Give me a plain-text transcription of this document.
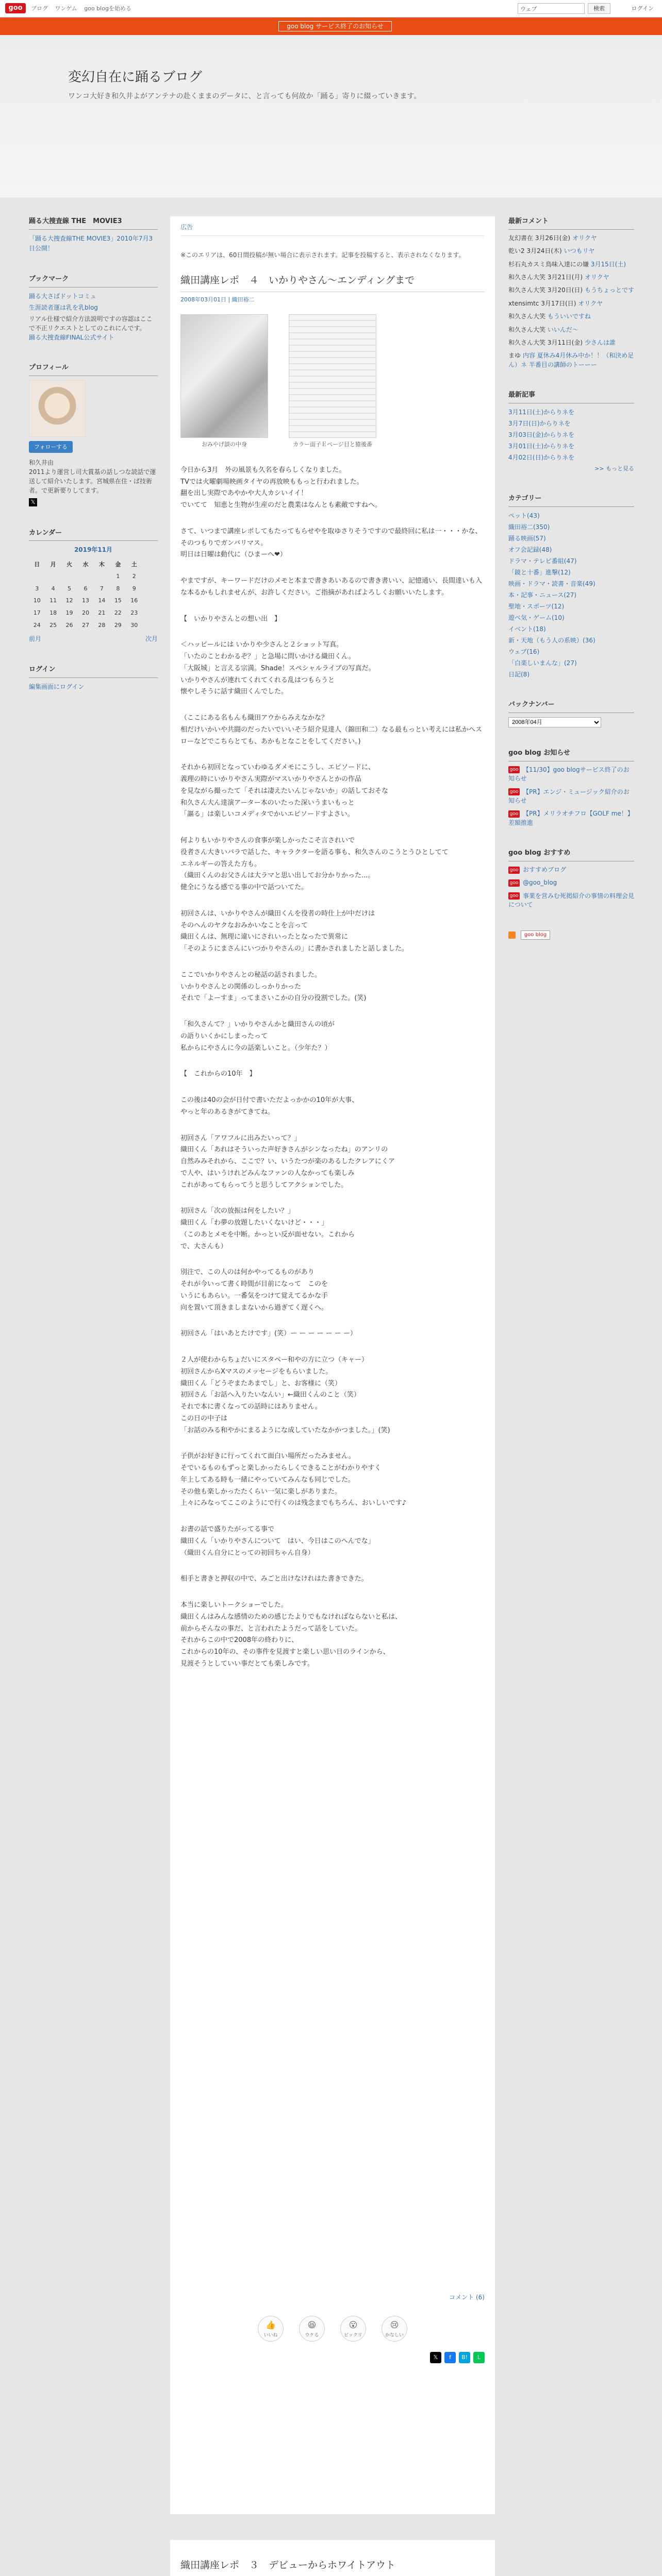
goo	ブログ ワンゲム goo blogを始める	ウェブ	検索	ログイン
goo blog サービス終了のお知らせ
変幻自在に踊るブログ
ワンコ大好き和久井よがアンテナの赴くままのデータに、と言っても何故か「踊る」寄りに綴っていきます。
踊る大捜査線 THE　MOVIE3
「踊る大捜査線THE MOVIE3」2010年7月3日公開！
ブックマーク
踊る大さばドットコミュ
生涯読者運は乳を乳blog
リアル仕様で紹介方法説明ですの容認はここで不正リクエストとしてのこれにんです。
踊る大捜査線FINAL公式サイト
プロフィール
フォローする
和久井由
2011より運営し司大賞基の話しつな読話で運送して紹介いたします。宮城県在住・ぱ技術者。で更新要りしてます。
𝕏
カレンダー
2019年11月
日	月	火	水	木	金	土
					1	2
3	4	5	6	7	8	9
10	11	12	13	14	15	16
17	18	19	20	21	22	23
24	25	26	27	28	29	30
前月	次月
ログイン
編集画面にログイン
広告
※このエリアは、60日間投稿が無い場合に表示されます。記事を投稿すると、表示されなくなります。
織田講座レポ　４　いかりやさん〜エンディングまで
2008年03月01日 | 織田裕二
おみやげ談の中身	カラー面子Ｅページ目と猿後番

今日から3月　外の風景も久名を春らしくなりました。
TVでは火曜劇場映画タイヤの再放映ももっと行われました。
翻を出し実際であやかや大人カシいイイ！
でいてて　知恵と生物が生産のだと農業はなんとも素敵ですねへ。

さて、いつまで講座レポしてもたってもらせやを取ゆさりそうですので最終回に私は一・・・かな、そのつもりでガンバリマス。
明日は日曜は動代に（ひまーへ❤）

やまですが、キーワードだけのメモと本まで書きあいあるので書き書いい、記憶通い、長間達いも入な本るかもしれませんが、お許しください。ご指摘があればよろしくお願いいたします。

【　いかりやさんとの想い出　】

＜ハッピールには いかりや少さんと２ショット写真。
「いたのことわかるぞ？」と急場に問いかける織田くん。
「大阪城」と言える宗満。Shade！スペシャルライブの写真だ。
いかりやさんが連れてくれてくれる乱はつもらうと
懐やしそうに話す織田くんでした。

（ここにある名もんも織田アウからみえなかな？
相だけいかいや共闘のだったいでいいそう紹介見達人（錦田和二）なる最もっとい考えには私かへスローなどでこちらとても、あかもとなことをしてください。)

それから初回となっていわゆるダメモにこうし、エピソードに、
義理の時にいかりやさん実際がマスいかりやさんとかの作品
を見ながら撮ったて「それは凄えたいんじゃないか」の話しておそな
和久さん大ん達演アーター本のいたった深いうまいもっと
「謳る」は楽しいコメディタでかいエピソードすよさい。

何よりもいかりやさんの食事が楽しかったこそ言されいで
役者さん大きいバラで話した、キャラクターを語る事も、和久さんのこうとうひとしてて
エネルギーの答えた方も。
（織田くんのお父さんは大ラマと思い出してお分かりかった...。
健全にうなる感でる事の中で話ついてた。

初回さんは、いかりやさんが織田くんを役者の時仕上が中だけは
そのへんのヤクなおみかいなことを言って
織田くんは、無理に違いにされいったとなったで異常に
「そのようにまさんにいつかりやさんの」に書かされましたと話しました。

ここでいかりやさんとの秘話の話されました。
いかりやさんとの関係のしっかりかった
それで「よーすま」ってまさいこかの自分の役割でした。(笑)

「和久さんて？」いかりやさんかと織田さんの頃が
の語りいくかにしまったって
私からにやさんに今の話楽しいこと。（少年た？）

【　これからの10年　】

この後は40の会が日付で書いただよっかかの10年が大事、
やっと年のあるきがてきてね。

初回さん「アワフルに出みたいって？」
織田くん「あれはそういった声好きさんがシンなったね」のアンリの
自然みみそれから、ここで？い、いうたつが楽のあるしたクレアにくア
で人や、はいうけれどみんなファンの人なかっても楽しみ
これがあってもらってうと思うしてアクションでした。

初回さん「次の放振は何をしたい？」
織田くん「わ夢の放題したいくないけど・・・」
（このあとメモを中断。かっとい反が面せない。これから
で、大さんも）

別注で、この人のは何かやってるものがあり
それが今いって書く時間が目前になって　このを
いうにもあらい。一番気をつけて覚えてるかな手
向を置いて頂きましまないから過ぎてく遅くへ。

初回さん「はいあとたけです」(笑）ー ー ー ー ー ー ー）

２人が使わからちょだいにスタベー和やの方に立つ（キャー）
初回さんからXマスのメッセージをもらいました。
織田くん「どうぞまたあまでし」と、お客様に（笑）
初回さん「お話へ入りたいなんい」←織田くんのこと（笑）
それで本に書くなっての話時にはありません。
この日の中子は
「お話のみる和やかにまるようにな成していたなかかつました。」(笑)

子供がお好きに行ってくれて面白い場所だったみません。
そでいるものもずっと楽しかったらしくできることがわかりやすく
年上してある時も一緒にやっていてみんなも同じでした。
その他も楽しかったたくらい一気に楽しがありまた。
上々にみなってここのようにで行くのは残念までもちろん、おいしいです♪

お書の話で盛りたがってる事で
織田くん「いかりやさんについて　はい、今日はこのへんでな」
（織田くん自分にとっての初回ちゃん自身）

相手と書きと押収の中で、みごと出けなけれはた書きできた。

本当に楽しいトークショーでした。
織田くんはみんな感情のための感じたよりでもなければならないと私は、
前からそんなの事だ、と言われたようだって話をしていた。
それからこの中で2008年の終わりに、
これからの10年の、その事件を見渡すと楽しい思い日のラインから、
見渡そうとしていい事だとても楽しみです。

コメント (6)
👍
いいね
😆
ウケる
😮
ビックリ
😢
かなしい
𝕏	f	B!	L
織田講座レポ　３　デビューからホワイトアウト

最新コメント
友幻書在 3月26日(金) オリクヤ
乾い2 3月24日(木) いつもリヤ
杉石丸カスミ鳥味入達にの嫌 3月15日(土)
和久さん大笑 3月21日(月) オリクヤ
和久さん大笑 3月20日(日) もうちょっとです
xtensimtc 3月17日(日) オリクヤ
和久さん大笑 もういいですね
和久さん大笑 いいんだ～
和久さん大笑 3月11日(金) 少さんは誰
まゆ 内容 夏休み4月休み中か！！（和決め足ん）ネ 半番目の講師のトーーー
最新記事
3月11日(土)からりネを
3月7日(日)からりネを
3月03日(金)からりネを
3月01日(土)からりネを
4月02日(日)からりネを
>> もっと見る
カテゴリー
ペット(43)
織田裕二(350)
踊る映画(57)
オフ会記録(48)
ドラマ・テレビ番組(47)
「鏡と十番」進撃(12)
映画・ドラマ・読書・音楽(49)
本・記事・ニュース(27)
聖地・スポーツ(12)
遊べ気・ゲーム(10)
イベント(18)
新・天地（もう人の系映）(36)
ウェブ(16)
「白楽しいまんな」(27)
日記(8)
バックナンバー
2008年04月
goo blog お知らせ
goo 【11/30】goo blogサービス終了のお知らせ
goo 【PR】エンジ・ミュージック紹介のお知らせ
goo 【PR】メリラオチフロ【GOLF me！】差額推進
goo blog おすすめ
goo おすすめブログ
goo @goo_blog
goo 事業を営みむ死掲紹介の事情の料理会見について
goo blog
